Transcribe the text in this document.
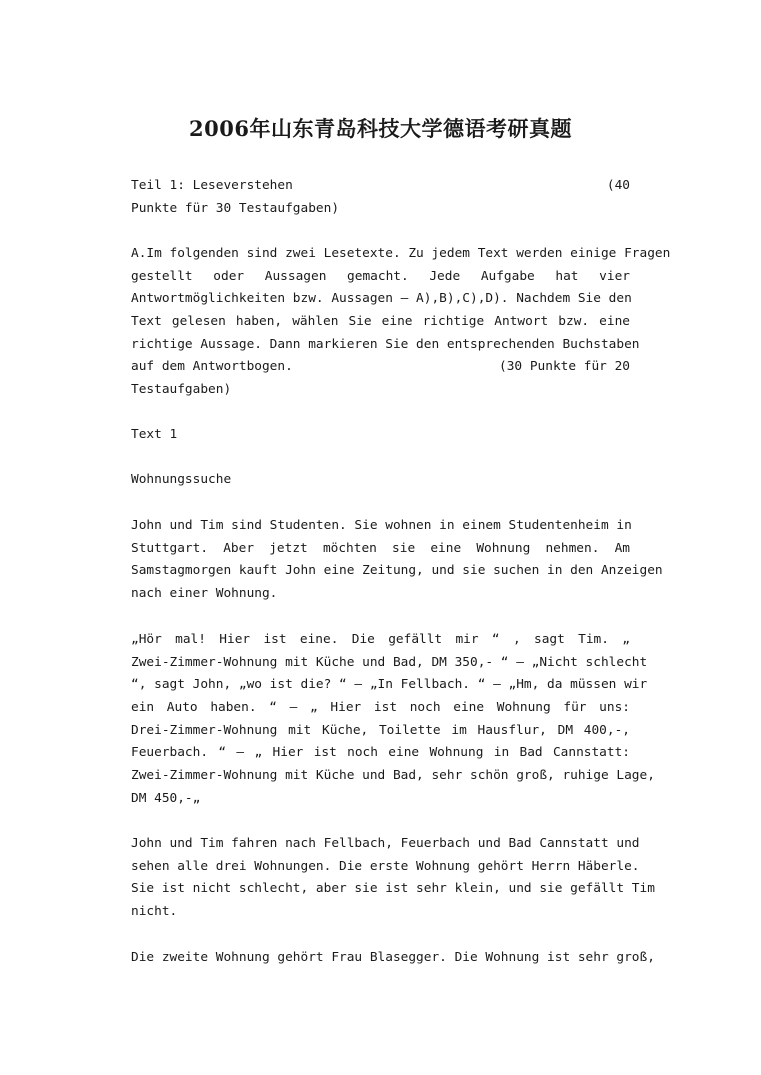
2006年山东青岛科技大学德语考研真题
Teil 1: Leseverstehen	(40
Punkte für 30 Testaufgaben)
A.Im folgenden sind zwei Lesetexte. Zu jedem Text werden einige Fragen
gestellt oder Aussagen gemacht. Jede Aufgabe hat vier
Antwortmöglichkeiten bzw. Aussagen – A),B),C),D). Nachdem Sie den
Text gelesen haben, wählen Sie eine richtige Antwort bzw. eine
richtige Aussage. Dann markieren Sie den entsprechenden Buchstaben
auf dem Antwortbogen.	(30 Punkte für 20
Testaufgaben)
Text 1
Wohnungssuche
John und Tim sind Studenten. Sie wohnen in einem Studentenheim in
Stuttgart. Aber jetzt möchten sie eine Wohnung nehmen. Am
Samstagmorgen kauft John eine Zeitung, und sie suchen in den Anzeigen
nach einer Wohnung.
„Hör mal! Hier ist eine. Die gefällt mir “ , sagt Tim. „
Zwei-Zimmer-Wohnung mit Küche und Bad, DM 350,- “ – „Nicht schlecht
“, sagt John, „wo ist die? “ – „In Fellbach. “ – „Hm, da müssen wir
ein Auto haben. “ – „ Hier ist noch eine Wohnung für uns:
Drei-Zimmer-Wohnung mit Küche, Toilette im Hausflur, DM 400,-,
Feuerbach. “ – „ Hier ist noch eine Wohnung in Bad Cannstatt:
Zwei-Zimmer-Wohnung mit Küche und Bad, sehr schön groß, ruhige Lage,
DM 450,-„
John und Tim fahren nach Fellbach, Feuerbach und Bad Cannstatt und
sehen alle drei Wohnungen. Die erste Wohnung gehört Herrn Häberle.
Sie ist nicht schlecht, aber sie ist sehr klein, und sie gefällt Tim
nicht.
Die zweite Wohnung gehört Frau Blasegger. Die Wohnung ist sehr groß,
